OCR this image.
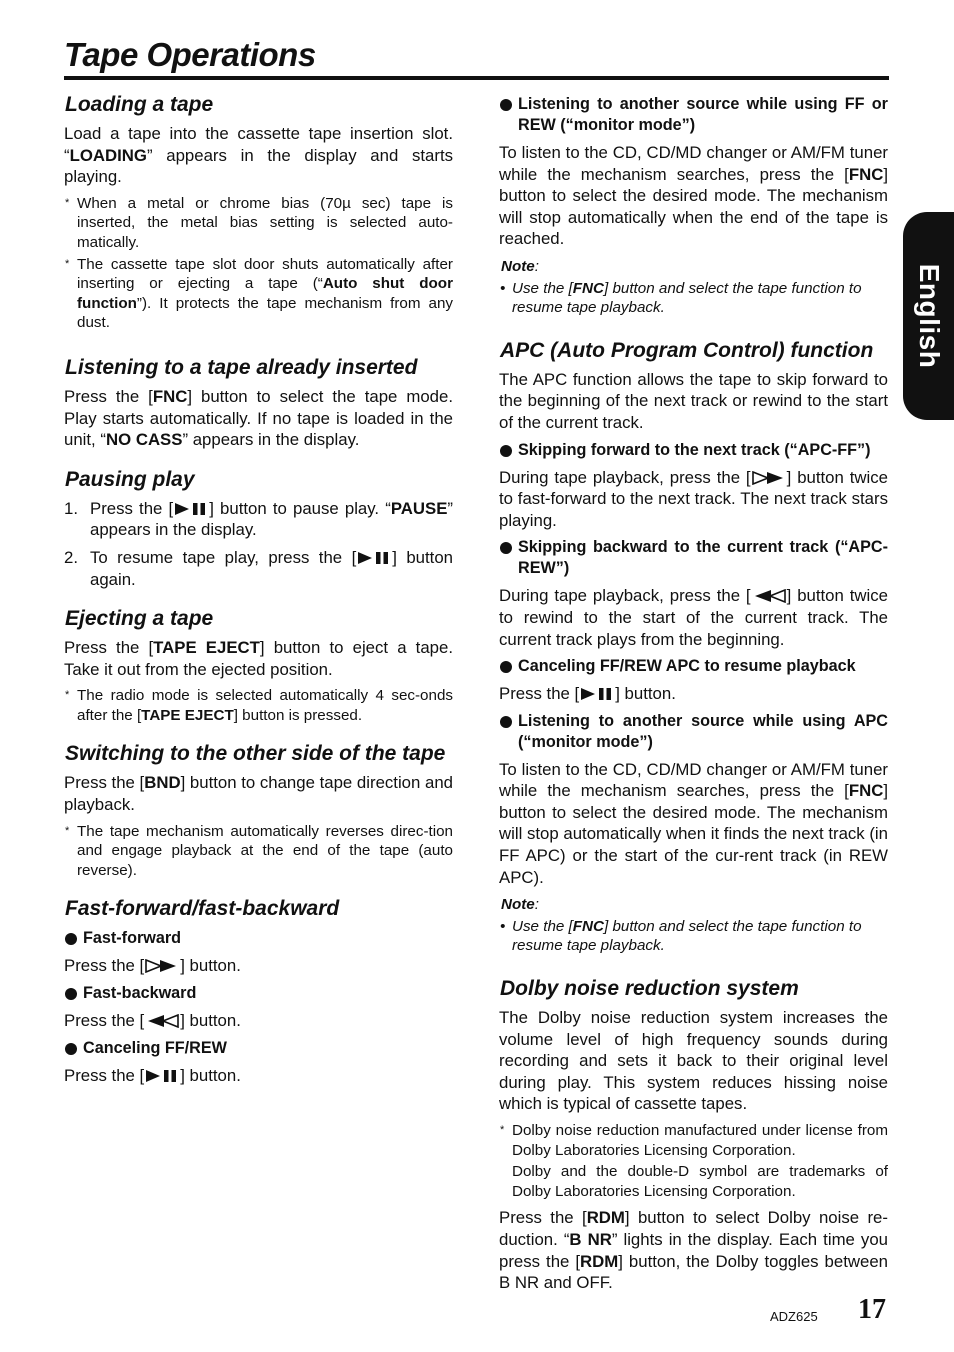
Tape Operations
English
Loading a tape

Load a tape into the cassette tape insertion slot. “LOADING” appears in the display and starts playing.

* When a metal or chrome bias (70µ sec) tape is inserted, the metal bias setting is selected auto-matically.
* The cassette tape slot door shuts automatically after inserting or ejecting a tape (“Auto shut door function”). It protects the tape mechanism from any dust.
Listening to a tape already inserted

Press the [FNC] button to select the tape mode. Play starts automatically. If no tape is loaded in the unit, “NO CASS” appears in the display.

Pausing play
1. Press the [ ] button to pause play. “PAUSE” appears in the display.
2. To resume tape play, press the [ ] button again.
Ejecting a tape

Press the [TAPE EJECT] button to eject a tape. Take it out from the ejected position.

* The radio mode is selected automatically 4 sec-onds after the [TAPE EJECT] button is pressed.
Switching to the other side of the tape

Press the [BND] button to change tape direction and playback.

* The tape mechanism automatically reverses direc-tion and engage playback at the end of the tape (auto reverse).
Fast-forward/fast-backward
Fast-forward

Press the [ ] button.

Fast-backward

Press the [ ] button.

Canceling FF/REW

Press the [ ] button.

Listening to another source while using FF or REW (“monitor mode”)

To listen to the CD, CD/MD changer or AM/FM tuner while the mechanism searches, press the [FNC] button to select the desired mode. The mechanism will stop automatically when the end of the tape is reached.

Note:
• Use the [FNC] button and select the tape function to resume tape playback.
APC (Auto Program Control) function

The APC function allows the tape to skip forward to the beginning of the next track or rewind to the start of the current track.

Skipping forward to the next track (“APC-FF”)

During tape playback, press the [ ] button twice to fast-forward to the next track. The next track stars playing.

Skipping backward to the current track (“APC-REW”)

During tape playback, press the [ ] button twice to rewind to the start of the current track. The current track plays from the beginning.

Canceling FF/REW APC to resume playback

Press the [ ] button.

Listening to another source while using APC (“monitor mode”)

To listen to the CD, CD/MD changer or AM/FM tuner while the mechanism searches, press the [FNC] button to select the desired mode. The mechanism will stop automatically when it finds the next track (in FF APC) or the start of the cur-rent track (in REW APC).

Note:
• Use the [FNC] button and select the tape function to resume tape playback.
Dolby noise reduction system

The Dolby noise reduction system increases the volume level of high frequency sounds during recording and sets it back to their original level during play. This system reduces hissing noise which is typical of cassette tapes.

* Dolby noise reduction manufactured under license from Dolby Laboratories Licensing Corporation.
Dolby and the double-D symbol are trademarks of Dolby Laboratories Licensing Corporation.

Press the [RDM] button to select Dolby noise re-duction. “B NR” lights in the display. Each time you press the [RDM] button, the Dolby toggles between B NR and OFF.

ADZ625 17
